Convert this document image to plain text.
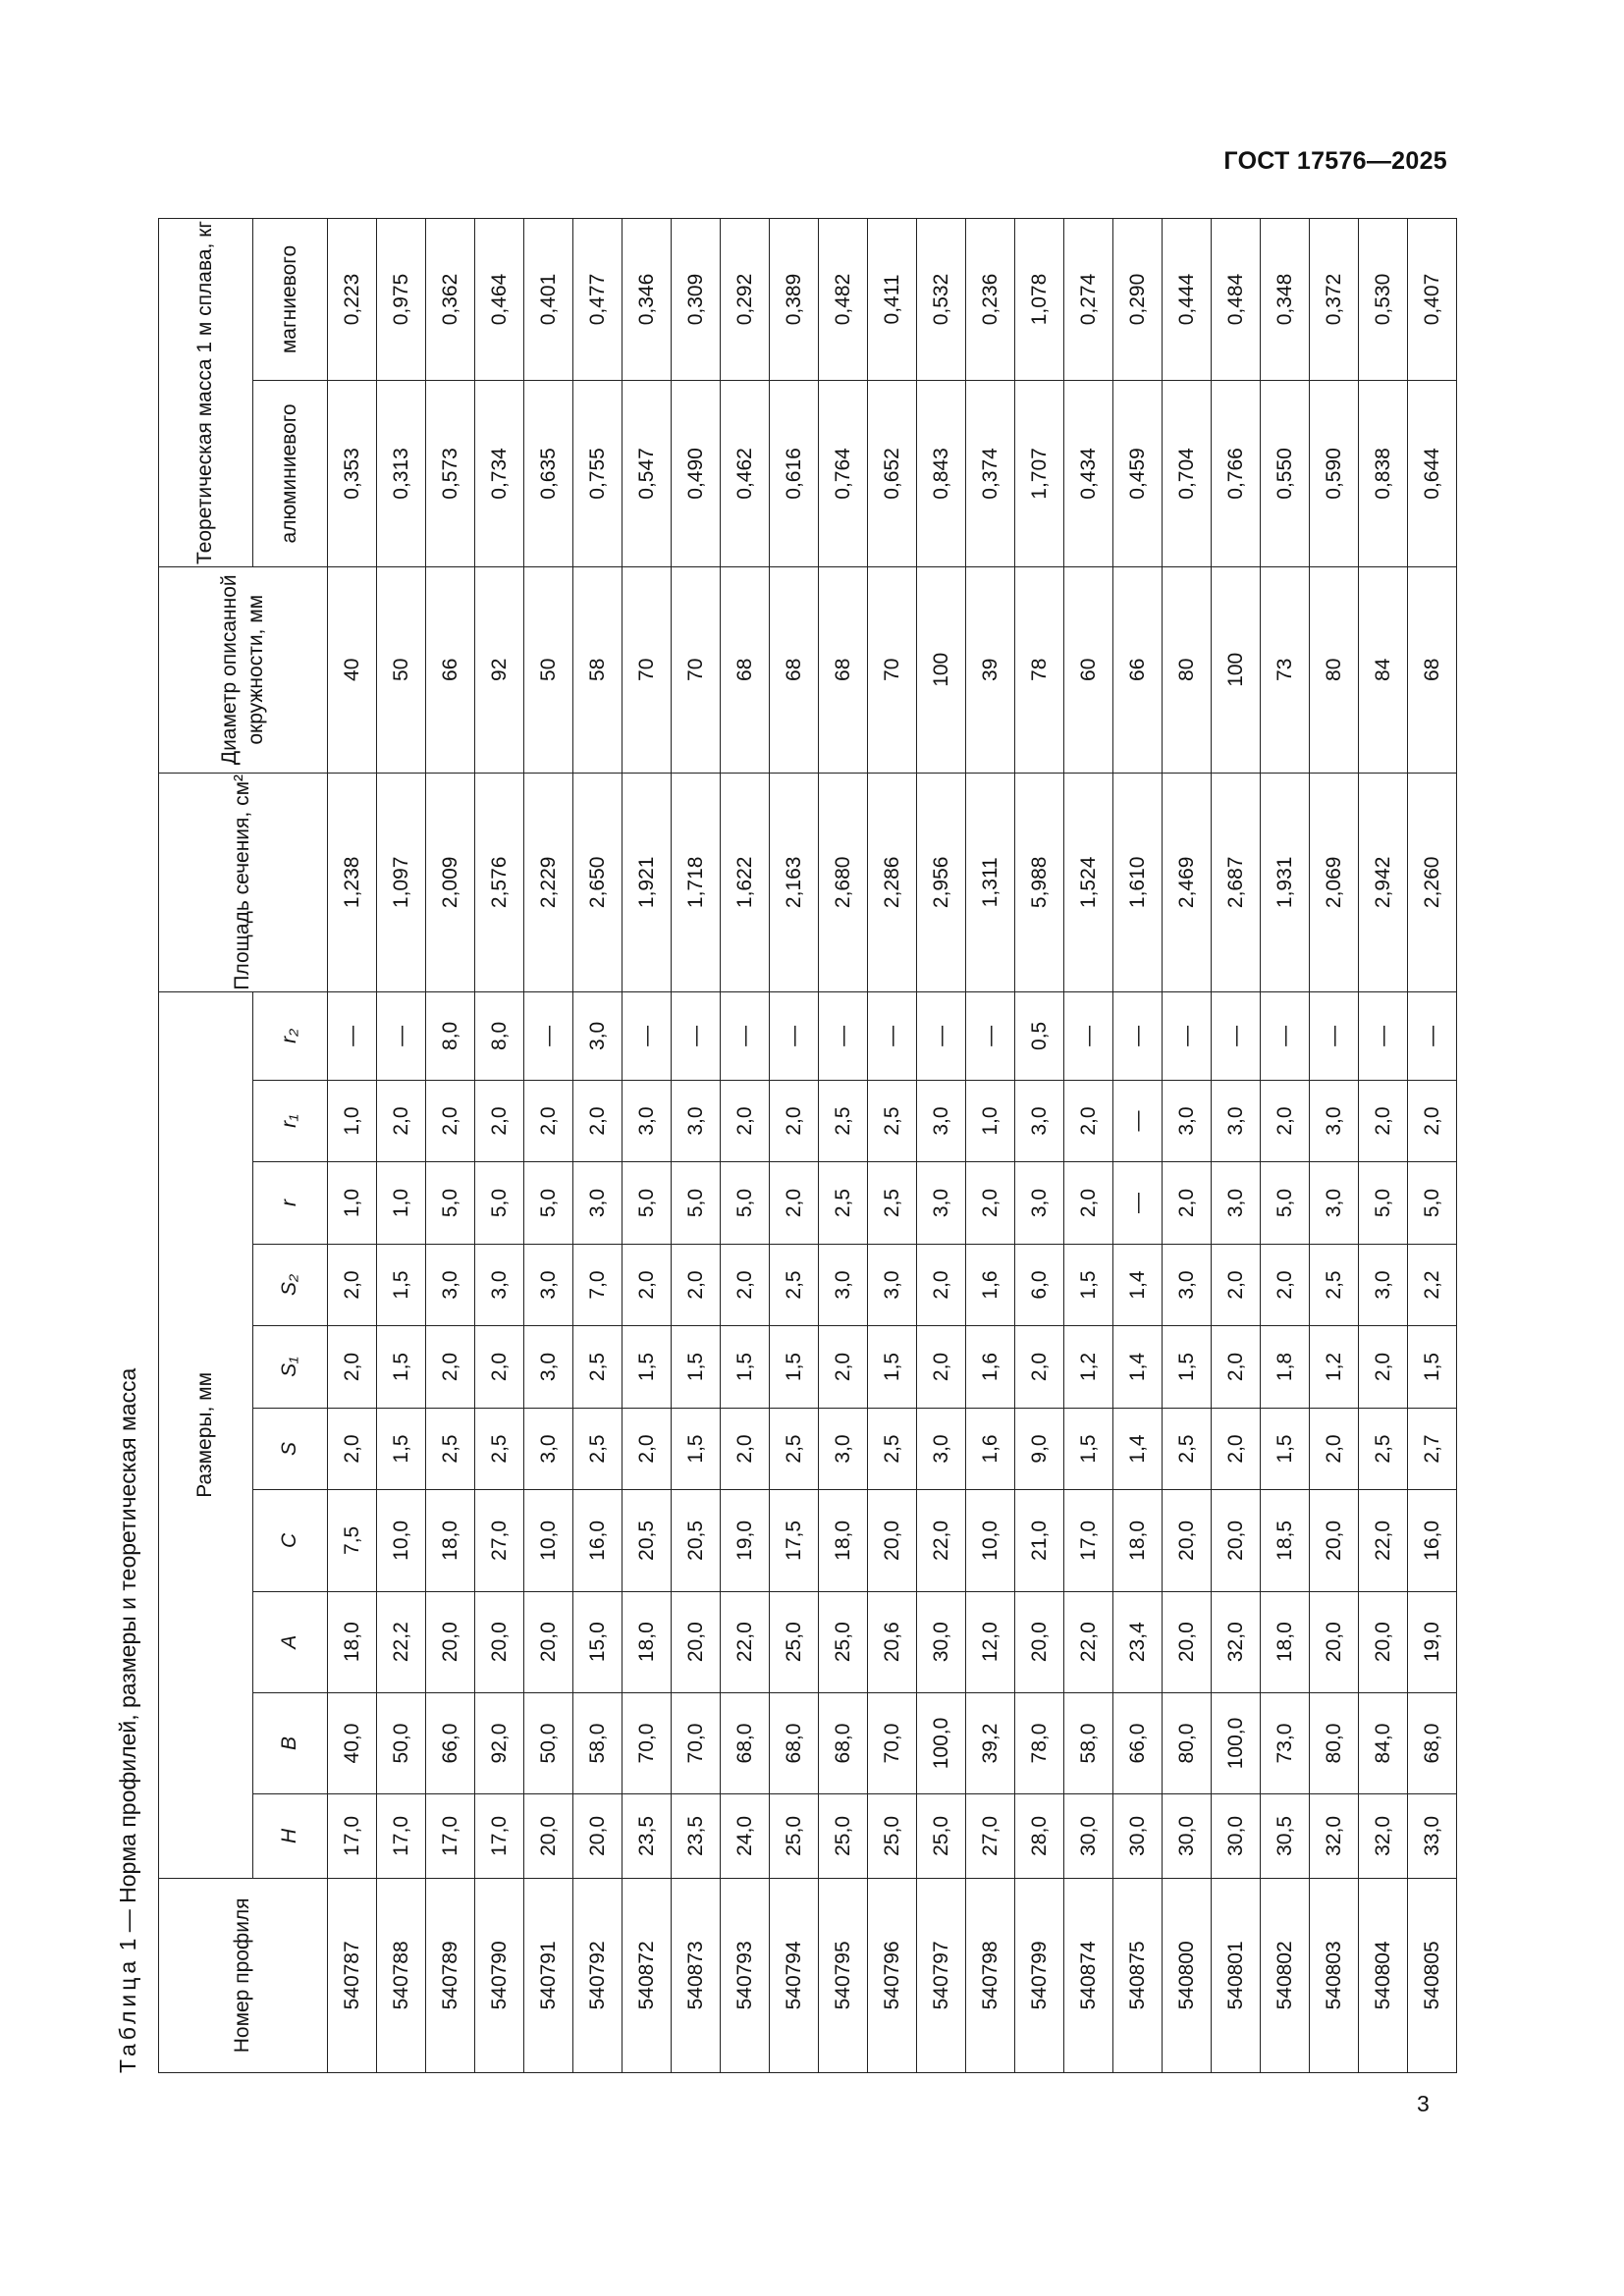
ГОСТ 17576—2025
Таблица 1 — Норма профилей, размеры и теоретическая масса
Номер профиля	Размеры, мм										Площадь сечения, см²	Диаметр описанной окружности, мм	Теоретическая масса 1 м сплава, кг	
	H	B	A	C	S	S₁	S₂	r	r₁	r₂			алюминиевого	магниевого
540787	17,0	40,0	18,0	7,5	2,0	2,0	2,0	1,0	1,0	—	1,238	40	0,353	0,223
540788	17,0	50,0	22,2	10,0	1,5	1,5	1,5	1,0	2,0	—	1,097	50	0,313	0,975
540789	17,0	66,0	20,0	18,0	2,5	2,0	3,0	5,0	2,0	8,0	2,009	66	0,573	0,362
540790	17,0	92,0	20,0	27,0	2,5	2,0	3,0	5,0	2,0	8,0	2,576	92	0,734	0,464
540791	20,0	50,0	20,0	10,0	3,0	3,0	3,0	5,0	2,0	—	2,229	50	0,635	0,401
540792	20,0	58,0	15,0	16,0	2,5	2,5	7,0	3,0	2,0	3,0	2,650	58	0,755	0,477
540872	23,5	70,0	18,0	20,5	2,0	1,5	2,0	5,0	3,0	—	1,921	70	0,547	0,346
540873	23,5	70,0	20,0	20,5	1,5	1,5	2,0	5,0	3,0	—	1,718	70	0,490	0,309
540793	24,0	68,0	22,0	19,0	2,0	1,5	2,0	5,0	2,0	—	1,622	68	0,462	0,292
540794	25,0	68,0	25,0	17,5	2,5	1,5	2,5	2,0	2,0	—	2,163	68	0,616	0,389
540795	25,0	68,0	25,0	18,0	3,0	2,0	3,0	2,5	2,5	—	2,680	68	0,764	0,482
540796	25,0	70,0	20,6	20,0	2,5	1,5	3,0	2,5	2,5	—	2,286	70	0,652	0,411
540797	25,0	100,0	30,0	22,0	3,0	2,0	2,0	3,0	3,0	—	2,956	100	0,843	0,532
540798	27,0	39,2	12,0	10,0	1,6	1,6	1,6	2,0	1,0	—	1,311	39	0,374	0,236
540799	28,0	78,0	20,0	21,0	9,0	2,0	6,0	3,0	3,0	0,5	5,988	78	1,707	1,078
540874	30,0	58,0	22,0	17,0	1,5	1,2	1,5	2,0	2,0	—	1,524	60	0,434	0,274
540875	30,0	66,0	23,4	18,0	1,4	1,4	1,4	—	—	—	1,610	66	0,459	0,290
540800	30,0	80,0	20,0	20,0	2,5	1,5	3,0	2,0	3,0	—	2,469	80	0,704	0,444
540801	30,0	100,0	32,0	20,0	2,0	2,0	2,0	3,0	3,0	—	2,687	100	0,766	0,484
540802	30,5	73,0	18,0	18,5	1,5	1,8	2,0	5,0	2,0	—	1,931	73	0,550	0,348
540803	32,0	80,0	20,0	20,0	2,0	1,2	2,5	3,0	3,0	—	2,069	80	0,590	0,372
540804	32,0	84,0	20,0	22,0	2,5	2,0	3,0	5,0	2,0	—	2,942	84	0,838	0,530
540805	33,0	68,0	19,0	16,0	2,7	1,5	2,2	5,0	2,0	—	2,260	68	0,644	0,407
3
